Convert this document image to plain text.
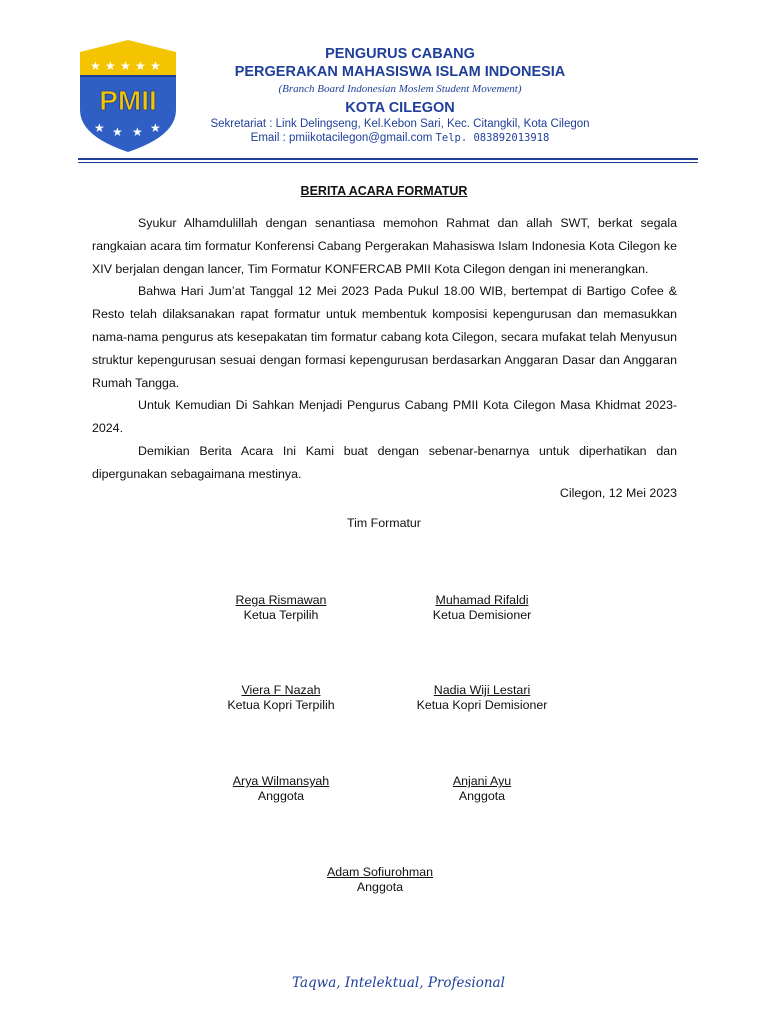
★ ★ ★ ★ ★
★ ★ ★ ★
PMII
PENGURUS CABANG
PERGERAKAN MAHASISWA ISLAM INDONESIA
(Branch Board Indonesian Moslem Student Movement)
KOTA CILEGON
Sekretariat : Link Delingseng, Kel.Kebon Sari, Kec. Citangkil, Kota Cilegon
Email : pmiikotacilegon@gmail.com Telp. 083892013918
BERITA ACARA FORMATUR

Syukur Alhamdulillah dengan senantiasa memohon Rahmat dan allah SWT, berkat segala rangkaian acara tim formatur Konferensi Cabang Pergerakan Mahasiswa Islam Indonesia Kota Cilegon ke XIV berjalan dengan lancer, Tim Formatur KONFERCAB PMII Kota Cilegon dengan ini menerangkan.

Bahwa Hari Jum’at Tanggal 12 Mei 2023 Pada Pukul 18.00 WIB, bertempat di Bartigo Cofee & Resto telah dilaksanakan rapat formatur untuk membentuk komposisi kepengurusan dan memasukkan nama-nama pengurus ats kesepakatan tim formatur cabang kota Cilegon, secara mufakat telah Menyusun struktur kepengurusan sesuai dengan formasi kepengurusan berdasarkan Anggaran Dasar dan Anggaran Rumah Tangga.

Untuk Kemudian Di Sahkan Menjadi Pengurus Cabang PMII Kota Cilegon Masa Khidmat 2023-2024.

Demikian Berita Acara Ini Kami buat dengan sebenar-benarnya untuk diperhatikan dan dipergunakan sebagaimana mestinya.

Cilegon, 12 Mei 2023
Tim Formatur
Rega Rismawan
Ketua Terpilih
Muhamad Rifaldi
Ketua Demisioner
Viera F Nazah
Ketua Kopri Terpilih
Nadia Wiji Lestari
Ketua Kopri Demisioner
Arya Wilmansyah
Anggota
Anjani Ayu
Anggota
Adam Sofiurohman
Anggota
Taqwa, Intelektual, Profesional
